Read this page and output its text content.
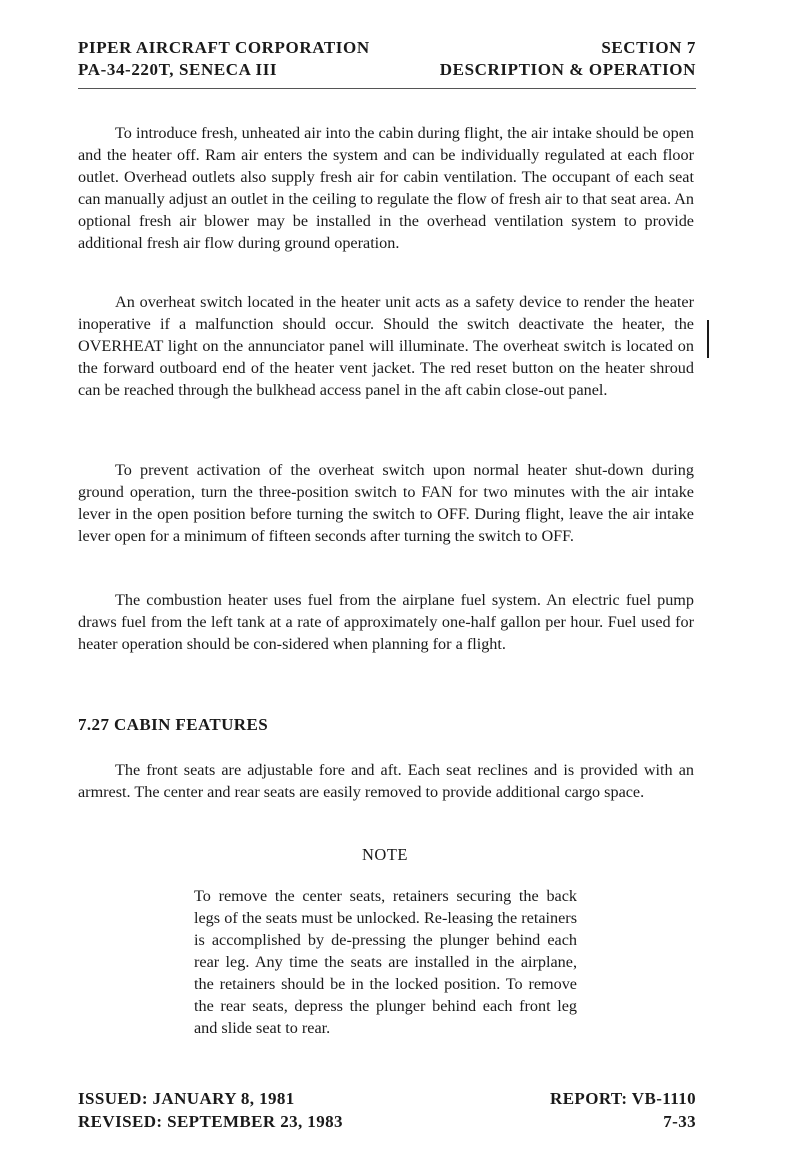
PIPER AIRCRAFT CORPORATION	SECTION 7
PA-34-220T, SENECA III	DESCRIPTION & OPERATION

To introduce fresh, unheated air into the cabin during flight, the air intake should be open and the heater off. Ram air enters the system and can be individually regulated at each floor outlet. Overhead outlets also supply fresh air for cabin ventilation. The occupant of each seat can manually adjust an outlet in the ceiling to regulate the flow of fresh air to that seat area. An optional fresh air blower may be installed in the overhead ventilation system to provide additional fresh air flow during ground operation.

An overheat switch located in the heater unit acts as a safety device to render the heater inoperative if a malfunction should occur. Should the switch deactivate the heater, the OVERHEAT light on the annunciator panel will illuminate. The overheat switch is located on the forward outboard end of the heater vent jacket. The red reset button on the heater shroud can be reached through the bulkhead access panel in the aft cabin close-out panel.

To prevent activation of the overheat switch upon normal heater shut-down during ground operation, turn the three-position switch to FAN for two minutes with the air intake lever in the open position before turning the switch to OFF. During flight, leave the air intake lever open for a minimum of fifteen seconds after turning the switch to OFF.

The combustion heater uses fuel from the airplane fuel system. An electric fuel pump draws fuel from the left tank at a rate of approximately one-half gallon per hour. Fuel used for heater operation should be con-sidered when planning for a flight.

7.27 CABIN FEATURES

The front seats are adjustable fore and aft. Each seat reclines and is provided with an armrest. The center and rear seats are easily removed to provide additional cargo space.

NOTE

To remove the center seats, retainers securing the back legs of the seats must be unlocked. Re-leasing the retainers is accomplished by de-pressing the plunger behind each rear leg. Any time the seats are installed in the airplane, the retainers should be in the locked position. To remove the rear seats, depress the plunger behind each front leg and slide seat to rear.

ISSUED: JANUARY 8, 1981	REPORT: VB-1110
REVISED: SEPTEMBER 23, 1983	7-33
